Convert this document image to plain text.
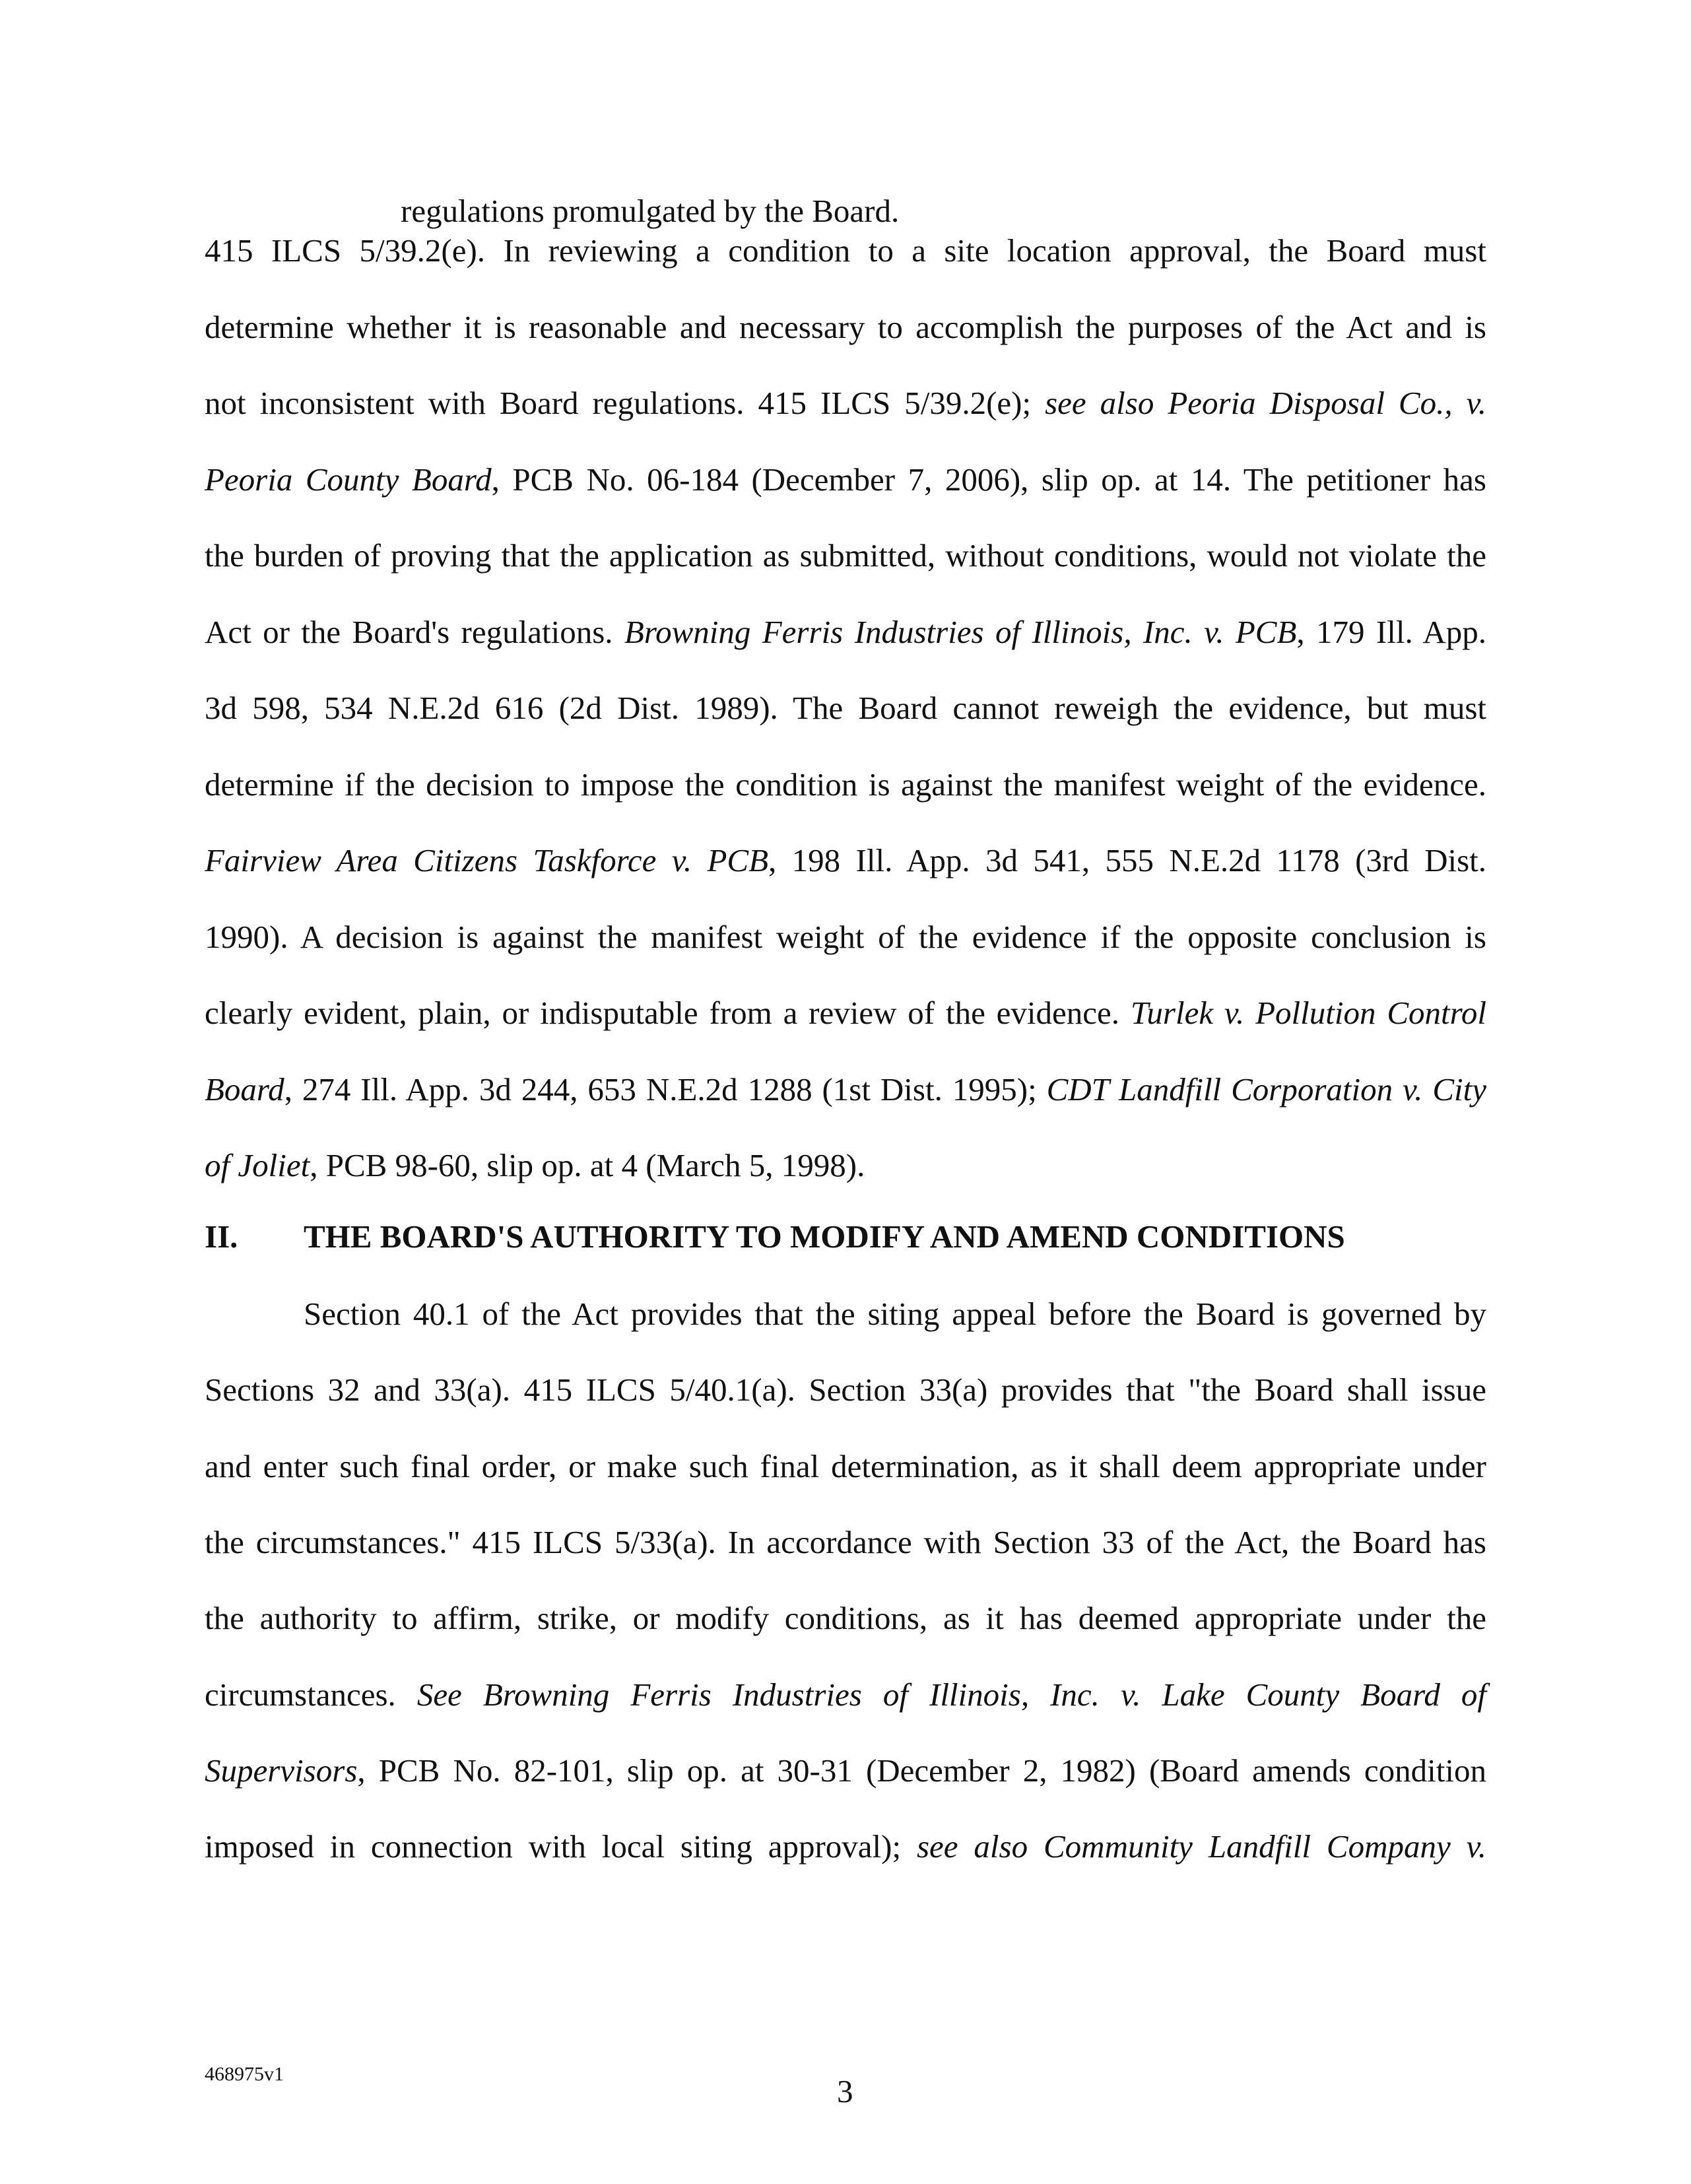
regulations promulgated by the Board.
415 ILCS 5/39.2(e). In reviewing a condition to a site location approval, the Board must
determine whether it is reasonable and necessary to accomplish the purposes of the Act and is
not inconsistent with Board regulations. 415 ILCS 5/39.2(e); see also Peoria Disposal Co., v.
Peoria County Board, PCB No. 06-184 (December 7, 2006), slip op. at 14. The petitioner has
the burden of proving that the application as submitted, without conditions, would not violate the
Act or the Board's regulations. Browning Ferris Industries of Illinois, Inc. v. PCB, 179 Ill. App.
3d 598, 534 N.E.2d 616 (2d Dist. 1989). The Board cannot reweigh the evidence, but must
determine if the decision to impose the condition is against the manifest weight of the evidence.
Fairview Area Citizens Taskforce v. PCB, 198 Ill. App. 3d 541, 555 N.E.2d 1178 (3rd Dist.
1990). A decision is against the manifest weight of the evidence if the opposite conclusion is
clearly evident, plain, or indisputable from a review of the evidence. Turlek v. Pollution Control
Board, 274 Ill. App. 3d 244, 653 N.E.2d 1288 (1st Dist. 1995); CDT Landfill Corporation v. City
of Joliet, PCB 98-60, slip op. at 4 (March 5, 1998).
II. THE BOARD'S AUTHORITY TO MODIFY AND AMEND CONDITIONS
Section 40.1 of the Act provides that the siting appeal before the Board is governed by
Sections 32 and 33(a). 415 ILCS 5/40.1(a). Section 33(a) provides that "the Board shall issue
and enter such final order, or make such final determination, as it shall deem appropriate under
the circumstances." 415 ILCS 5/33(a). In accordance with Section 33 of the Act, the Board has
the authority to affirm, strike, or modify conditions, as it has deemed appropriate under the
circumstances. See Browning Ferris Industries of Illinois, Inc. v. Lake County Board of
Supervisors, PCB No. 82-101, slip op. at 30-31 (December 2, 1982) (Board amends condition
imposed in connection with local siting approval); see also Community Landfill Company v.
468975v1	3
